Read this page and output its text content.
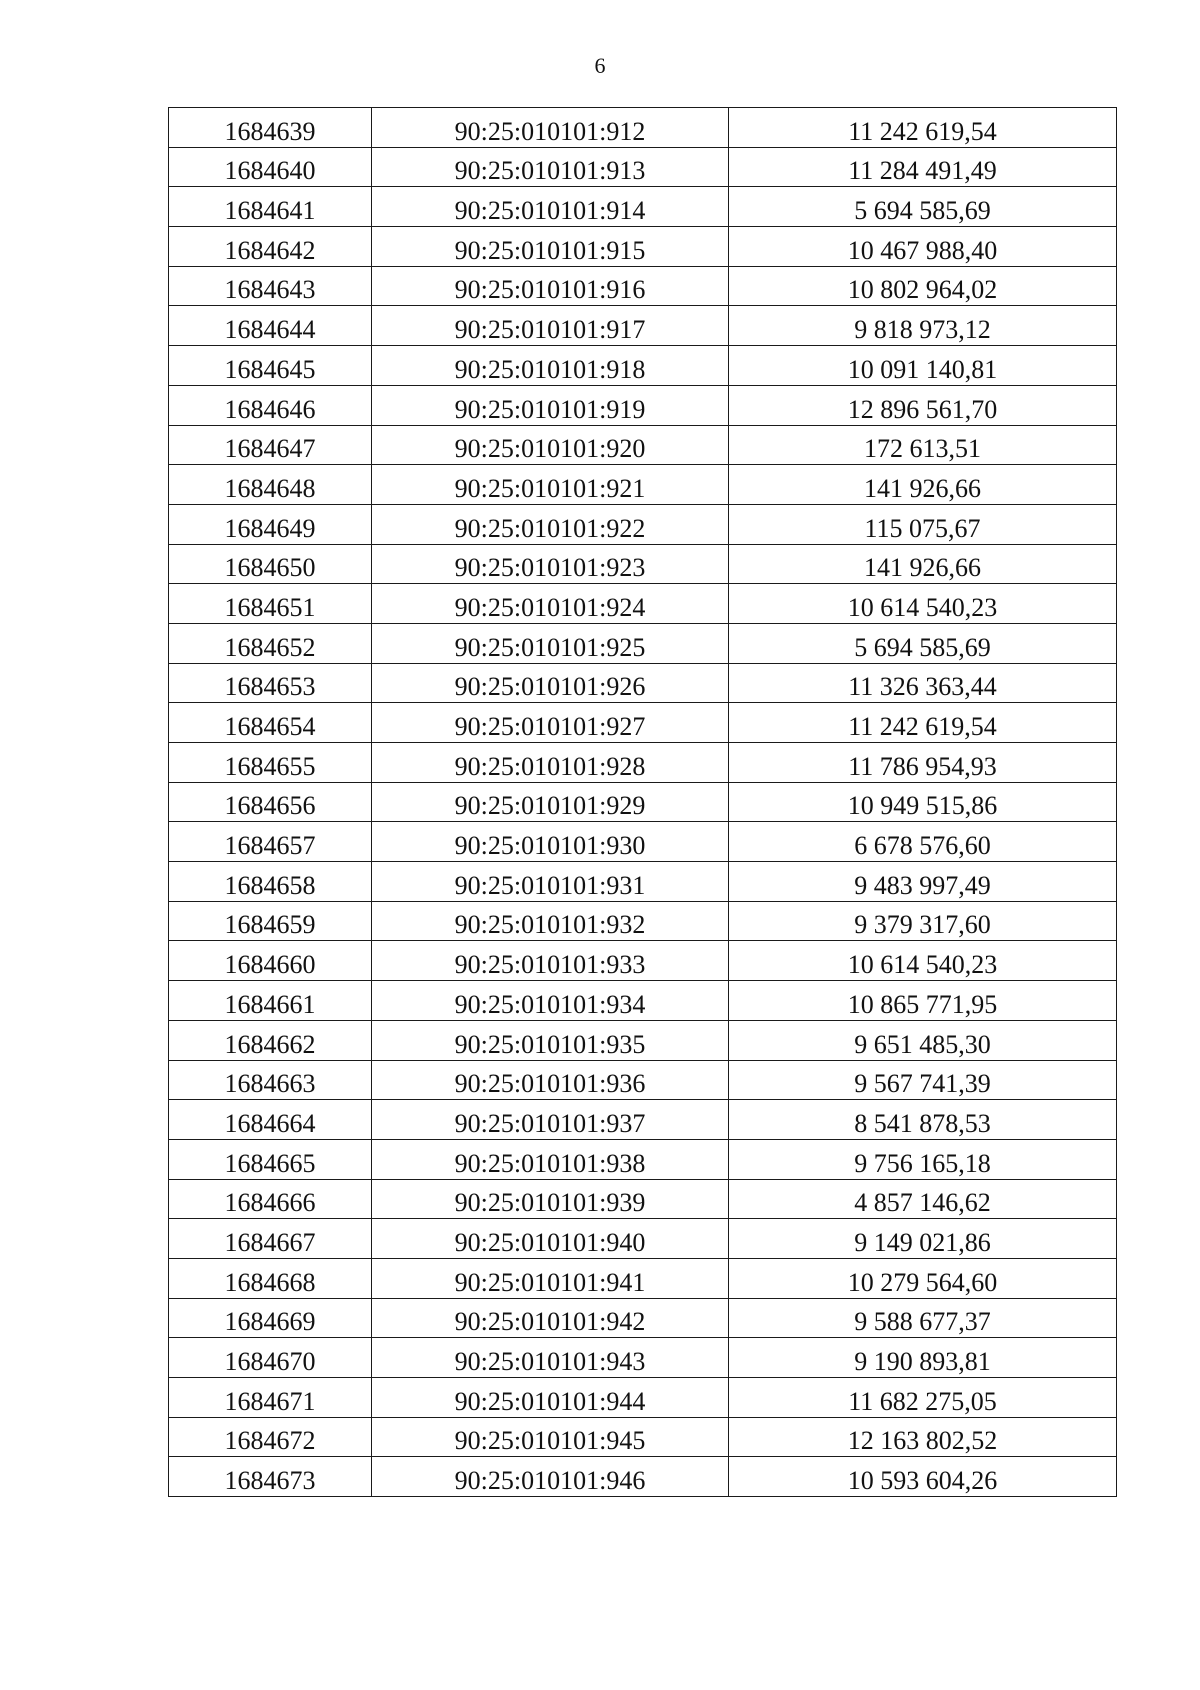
6
1684639	90:25:010101:912	11 242 619,54
1684640	90:25:010101:913	11 284 491,49
1684641	90:25:010101:914	5 694 585,69
1684642	90:25:010101:915	10 467 988,40
1684643	90:25:010101:916	10 802 964,02
1684644	90:25:010101:917	9 818 973,12
1684645	90:25:010101:918	10 091 140,81
1684646	90:25:010101:919	12 896 561,70
1684647	90:25:010101:920	172 613,51
1684648	90:25:010101:921	141 926,66
1684649	90:25:010101:922	115 075,67
1684650	90:25:010101:923	141 926,66
1684651	90:25:010101:924	10 614 540,23
1684652	90:25:010101:925	5 694 585,69
1684653	90:25:010101:926	11 326 363,44
1684654	90:25:010101:927	11 242 619,54
1684655	90:25:010101:928	11 786 954,93
1684656	90:25:010101:929	10 949 515,86
1684657	90:25:010101:930	6 678 576,60
1684658	90:25:010101:931	9 483 997,49
1684659	90:25:010101:932	9 379 317,60
1684660	90:25:010101:933	10 614 540,23
1684661	90:25:010101:934	10 865 771,95
1684662	90:25:010101:935	9 651 485,30
1684663	90:25:010101:936	9 567 741,39
1684664	90:25:010101:937	8 541 878,53
1684665	90:25:010101:938	9 756 165,18
1684666	90:25:010101:939	4 857 146,62
1684667	90:25:010101:940	9 149 021,86
1684668	90:25:010101:941	10 279 564,60
1684669	90:25:010101:942	9 588 677,37
1684670	90:25:010101:943	9 190 893,81
1684671	90:25:010101:944	11 682 275,05
1684672	90:25:010101:945	12 163 802,52
1684673	90:25:010101:946	10 593 604,26
